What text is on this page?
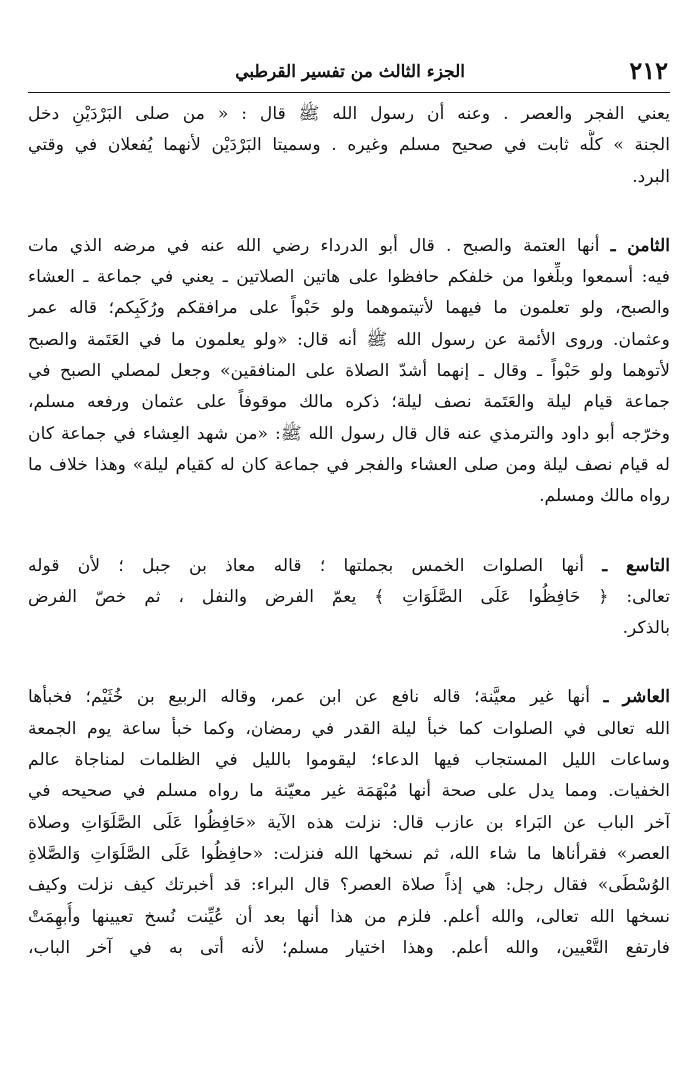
٢١٢
الجزء الثالث من تفسير القرطبي
يعني الفجر والعصر . وعنه أن رسول الله ﷺ قال : « من صلى البَرْدَيْنِ دخل
الجنة » كلُّه ثابت في صحيح مسلم وغيره . وسميتا البَرْدَيْن لأنهما يُفعلان في وقتي
البرد.
الثامن ـ أنها العتمة والصبح . قال أبو الدرداء رضي الله عنه في مرضه الذي مات
فيه: أسمعوا وبلِّغوا من خلفكم حافظوا على هاتين الصلاتين ـ يعني في جماعة ـ العشاء
والصبح، ولو تعلمون ما فيهما لأتيتموهما ولو حَبْواً على مرافقكم ورُكَبِكم؛ قاله عمر
وعثمان. وروى الأئمة عن رسول الله ﷺ أنه قال: «ولو يعلمون ما في العَتَمة والصبح
لأتوهما ولو حَبْواً ـ وقال ـ إنهما أشدّ الصلاة على المنافقين» وجعل لمصلي الصبح في
جماعة قيام ليلة والعَتَمة نصف ليلة؛ ذكره مالك موقوفاً على عثمان ورفعه مسلم،
وخرّجه أبو داود والترمذي عنه قال قال رسول الله ﷺ: «من شهد العِشاء في جماعة كان
له قيام نصف ليلة ومن صلى العشاء والفجر في جماعة كان له كقيام ليلة» وهذا خلاف ما
رواه مالك ومسلم.
التاسع ـ أنها الصلوات الخمس بجملتها ؛ قاله معاذ بن جبل ؛ لأن قوله
تعالى: ﴿ حَافِظُوا عَلَى الصَّلَوَاتِ ﴾ يعمّ الفرض والنفل ، ثم خصّ الفرض
بالذكر.
العاشر ـ أنها غير معيَّنة؛ قاله نافع عن ابن عمر، وقاله الربيع بن خُثَيْم؛ فخبأها
الله تعالى في الصلوات كما خبأ ليلة القدر في رمضان، وكما خبأ ساعة يوم الجمعة
وساعات الليل المستجاب فيها الدعاء؛ ليقوموا بالليل في الظلمات لمناجاة عالم
الخفيات. ومما يدل على صحة أنها مُبْهَمَة غير معيّنة ما رواه مسلم في صحيحه في
آخر الباب عن البَراء بن عازب قال: نزلت هذه الآية «حَافِظُوا عَلَى الصَّلَوَاتِ وصلاة
العصر» فقرأناها ما شاء الله، ثم نسخها الله فنزلت: «حافِظُوا عَلَى الصَّلَوَاتِ وَالصَّلاةِ
الوُسْطَى» فقال رجل: هي إذاً صلاة العصر؟ قال البراء: قد أخبرتك كيف نزلت وكيف
نسخها الله تعالى، والله أعلم. فلزم من هذا أنها بعد أن عُيِّنت نُسخ تعيينها وأُبهِمَتْ
فارتفع التَّعْيين، والله أعلم. وهذا اختيار مسلم؛ لأنه أتى به في آخر الباب،
